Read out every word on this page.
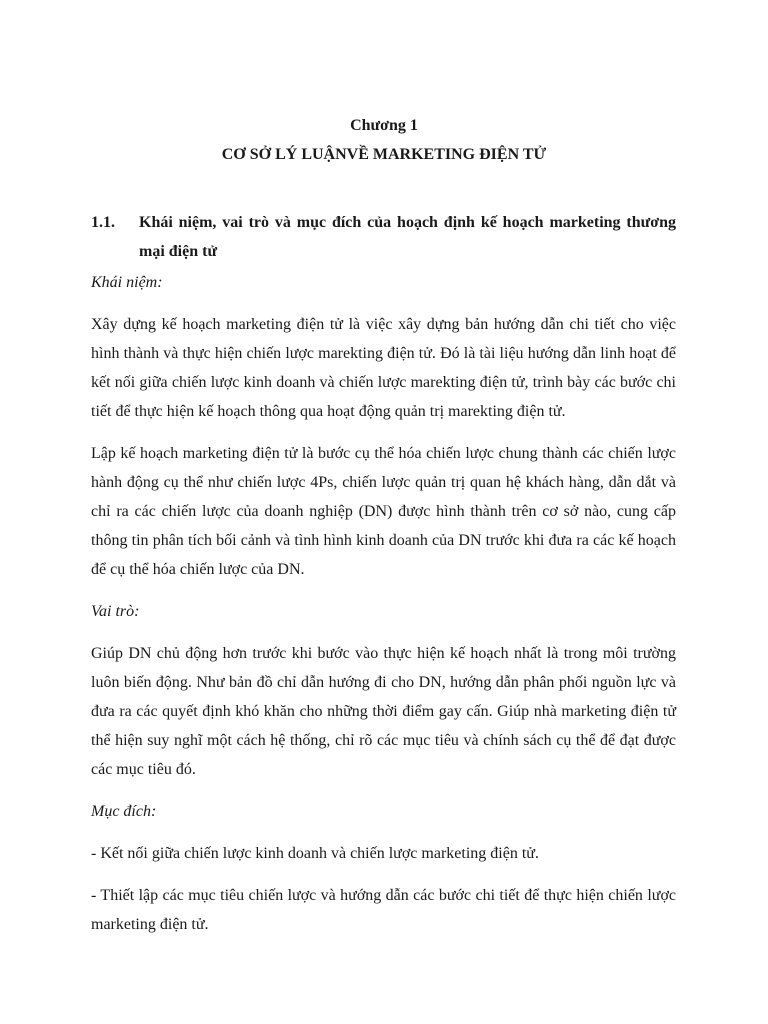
Chương 1
CƠ SỞ LÝ LUẬNVỀ MARKETING ĐIỆN TỬ
1.1. Khái niệm, vai trò và mục đích của hoạch định kế hoạch marketing thương mại điện tử

Khái niệm:

Xây dựng kế hoạch marketing điện tử là việc xây dựng bản hướng dẫn chi tiết cho việc hình thành và thực hiện chiến lược marekting điện tử. Đó là tài liệu hướng dẫn linh hoạt để kết nối giữa chiến lược kinh doanh và chiến lược marekting điện tử, trình bày các bước chi tiết để thực hiện kế hoạch thông qua hoạt động quản trị marekting điện tử.

Lập kế hoạch marketing điện tử là bước cụ thể hóa chiến lược chung thành các chiến lược hành động cụ thể như chiến lược 4Ps, chiến lược quản trị quan hệ khách hàng, dẫn dắt và chỉ ra các chiến lược của doanh nghiệp (DN) được hình thành trên cơ sở nào, cung cấp thông tin phân tích bối cảnh và tình hình kinh doanh của DN trước khi đưa ra các kế hoạch để cụ thể hóa chiến lược của DN.

Vai trò:

Giúp DN chủ động hơn trước khi bước vào thực hiện kế hoạch nhất là trong môi trường luôn biến động. Như bản đồ chỉ dẫn hướng đi cho DN, hướng dẫn phân phối nguồn lực và đưa ra các quyết định khó khăn cho những thời điểm gay cấn. Giúp nhà marketing điện tử thể hiện suy nghĩ một cách hệ thống, chỉ rõ các mục tiêu và chính sách cụ thể để đạt được các mục tiêu đó.

Mục đích:

- Kết nối giữa chiến lược kinh doanh và chiến lược marketing điện tử.

- Thiết lập các mục tiêu chiến lược và hướng dẫn các bước chi tiết để thực hiện chiến lược marketing điện tử.
